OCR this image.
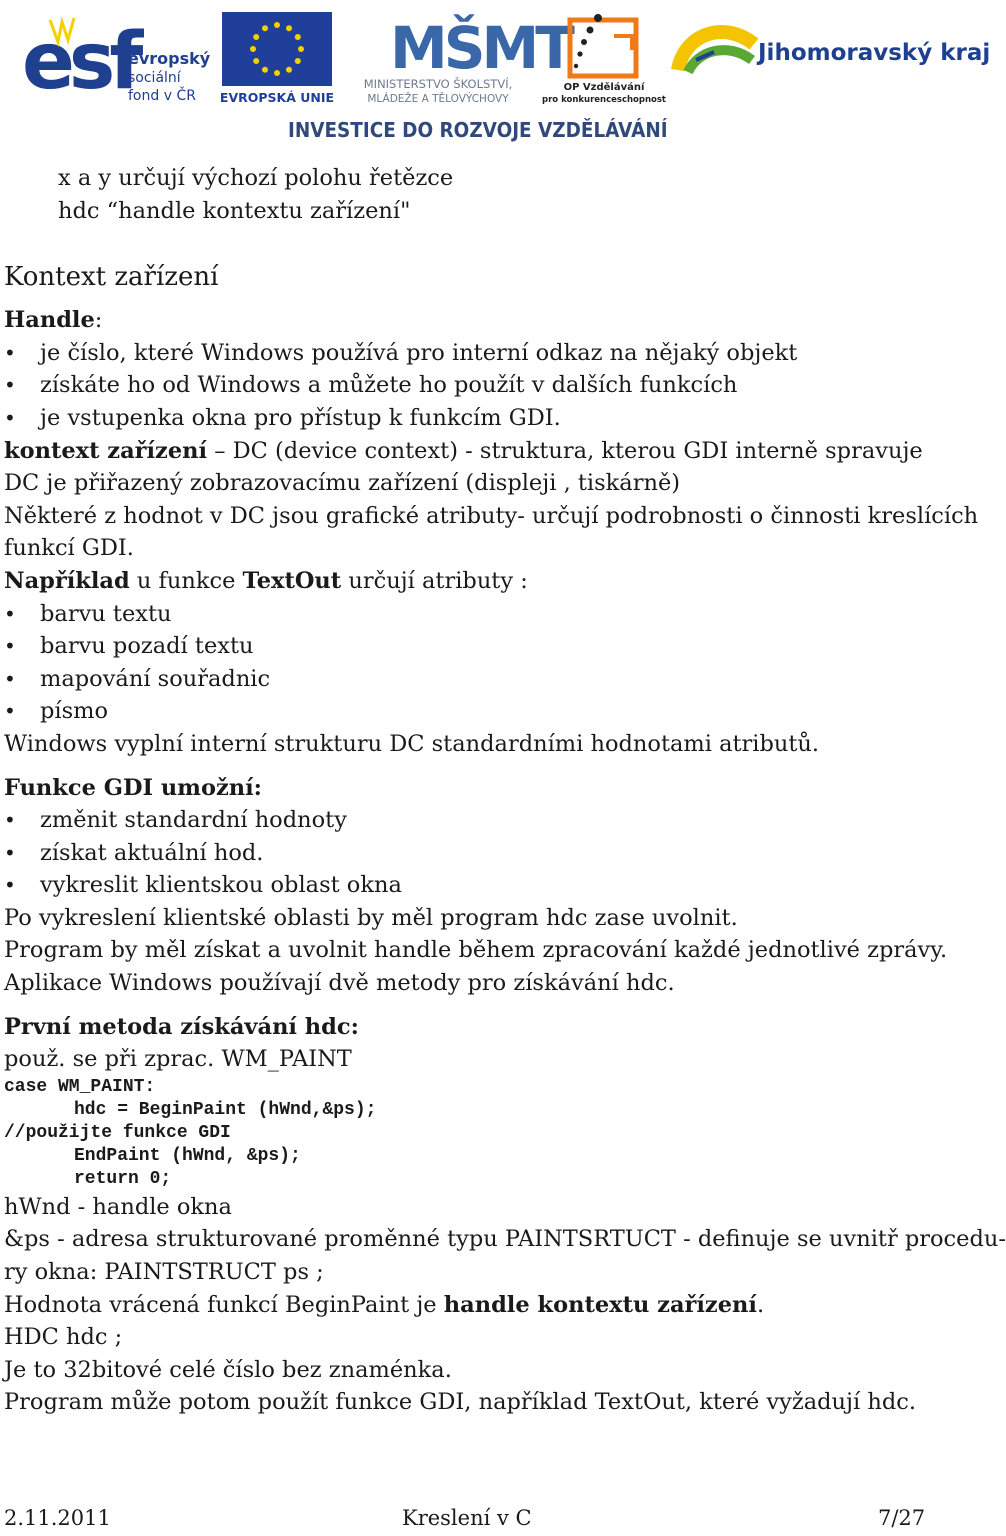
esf
evropský
sociální
fond v ČR EVROPSKÁ UNIE
MŠMT
MINISTERSTVO ŠKOLSTVÍ,
MLÁDEŽE A TĚLOVÝCHOVY
OP Vzdělávání
pro konkurenceschopnost
Jihomoravský kraj
INVESTICE DO ROZVOJE VZDĚLÁVÁNÍ
x a y určují výchozí polohu řetězce
hdc “handle kontextu zařízení"
Kontext zařízení
Handle:
• je číslo, které Windows používá pro interní odkaz na nějaký objekt
• získáte ho od Windows a můžete ho použít v dalších funkcích
• je vstupenka okna pro přístup k funkcím GDI.
kontext zařízení – DC (device context) - struktura, kterou GDI interně spravuje
DC je přiřazený zobrazovacímu zařízení (displeji , tiskárně)
Některé z hodnot v DC jsou grafické atributy- určují podrobnosti o činnosti kreslících
funkcí GDI.
Například u funkce TextOut určují atributy :
• barvu textu
• barvu pozadí textu
• mapování souřadnic
• písmo
Windows vyplní interní strukturu DC standardními hodnotami atributů.
Funkce GDI umožní:
• změnit standardní hodnoty
• získat aktuální hod.
• vykreslit klientskou oblast okna
Po vykreslení klientské oblasti by měl program hdc zase uvolnit.
Program by měl získat a uvolnit handle během zpracování každé jednotlivé zprávy.
Aplikace Windows používají dvě metody pro získávání hdc.
První metoda získávání hdc:
použ. se při zprac. WM_PAINT
case WM_PAINT:
hdc = BeginPaint (hWnd,&ps);
//použijte funkce GDI
EndPaint (hWnd, &ps);
return 0;
hWnd - handle okna
&ps - adresa strukturované proměnné typu PAINTSRTUCT - definuje se uvnitř procedu-
ry okna: PAINTSTRUCT ps ;
Hodnota vrácená funkcí BeginPaint je handle kontextu zařízení.
HDC hdc ;
Je to 32bitové celé číslo bez znaménka.
Program může potom použít funkce GDI, například TextOut, které vyžadují hdc.
2.11.2011	Kreslení v C	7/27
